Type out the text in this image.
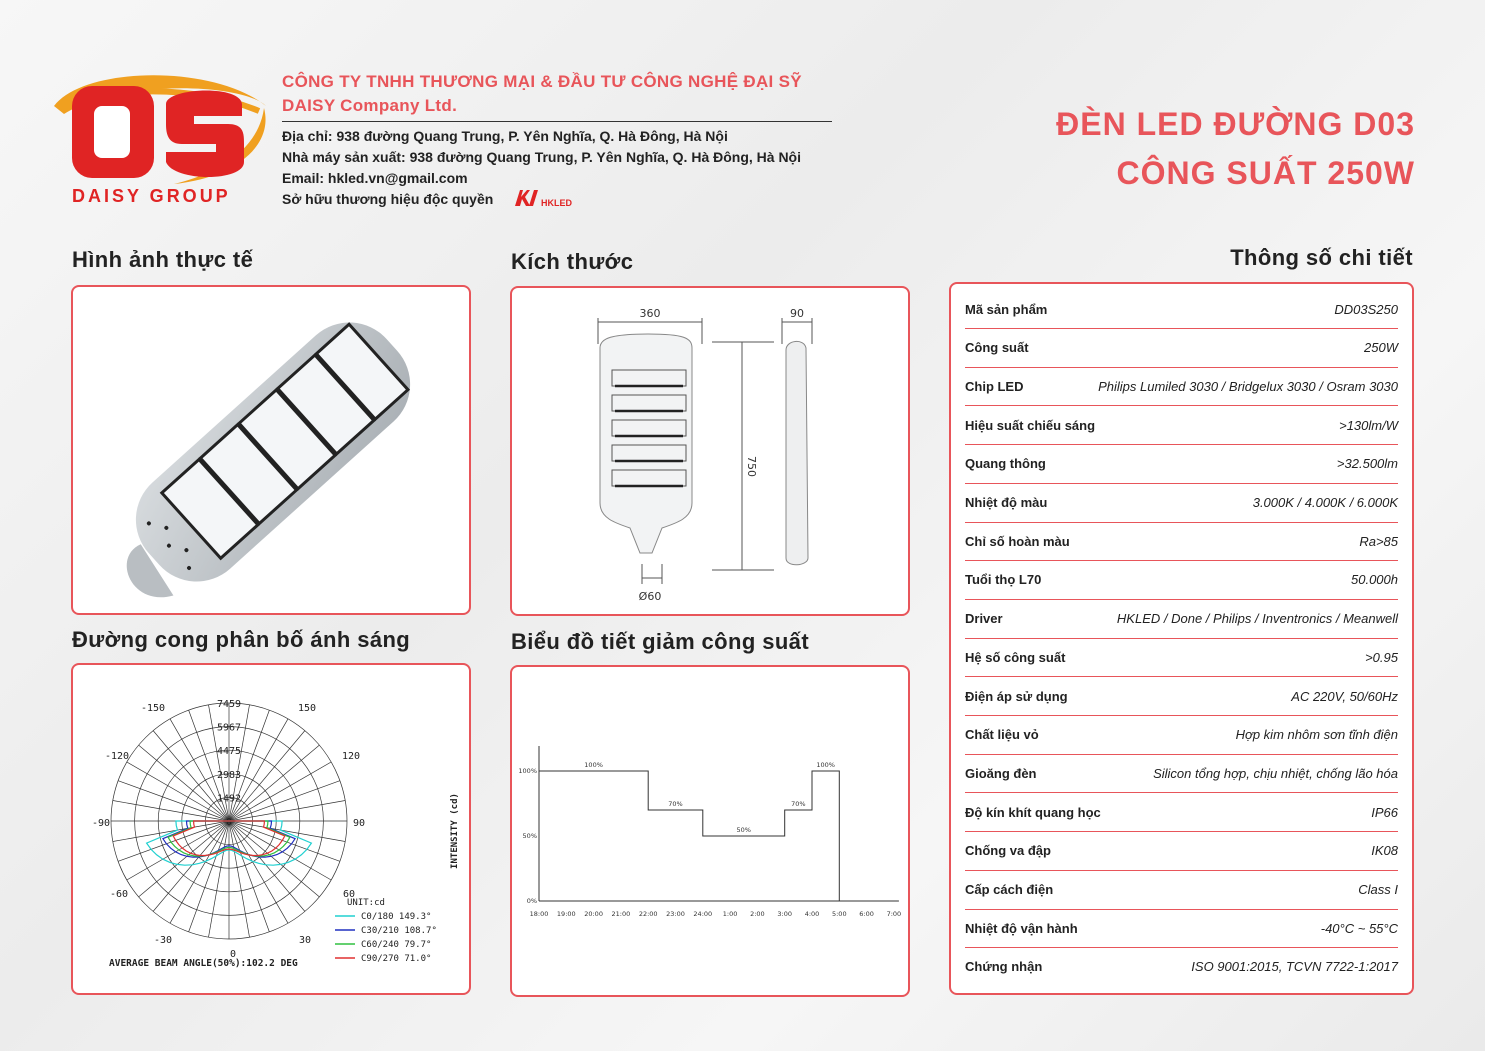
DAISY GROUP
CÔNG TY TNHH THƯƠNG MẠI & ĐẦU TƯ CÔNG NGHỆ ĐẠI SỸ
DAISY Company Ltd.
Địa chỉ: 938 đường Quang Trung, P. Yên Nghĩa, Q. Hà Đông, Hà Nội
Nhà máy sản xuất: 938 đường Quang Trung, P. Yên Nghĩa, Q. Hà Đông, Hà Nội
Email: hkled.vn@gmail.com
Sở hữu thương hiệu độc quyền	HKLED
ĐÈN LED ĐƯỜNG D03
CÔNG SUẤT 250W
Hình ảnh thực tế	Kích thước	Thông số chi tiết
Đường cong phân bố ánh sáng	Biểu đồ tiết giảm công suất
360	90
750
Ø60
-150	150
-120	120
-90	90
-60	60
-30	30
0
7459
5967
4475
2983
1492
0
C0/180 149.3°
C30/210 108.7°
C60/240 79.7°
C90/270 71.0°
UNIT:cd
INTENSITY (cd)
AVERAGE BEAM ANGLE(50%):102.2 DEG
18:00 19:00 20:00 21:00 22:00 23:00 24:00 1:00 2:00 3:00 4:00 5:00 6:00 7:00
100%
50%
0%
100%
70%
50%
70%
100%
Mã sản phẩm	DD03S250
Công suất	250W
Chip LED	Philips Lumiled 3030 / Bridgelux 3030 / Osram 3030
Hiệu suất chiếu sáng	>130lm/W
Quang thông	>32.500lm
Nhiệt độ màu	3.000K / 4.000K / 6.000K
Chỉ số hoàn màu	Ra>85
Tuổi thọ L70	50.000h
Driver	HKLED / Done / Philips / Inventronics / Meanwell
Hệ số công suất	>0.95
Điện áp sử dụng	AC 220V, 50/60Hz
Chất liệu vỏ	Hợp kim nhôm sơn tĩnh điện
Gioăng đèn	Silicon tổng hợp, chịu nhiệt, chống lão hóa
Độ kín khít quang học	IP66
Chống va đập	IK08
Cấp cách điện	Class I
Nhiệt độ vận hành	-40°C ~ 55°C
Chứng nhận	ISO 9001:2015, TCVN 7722-1:2017
